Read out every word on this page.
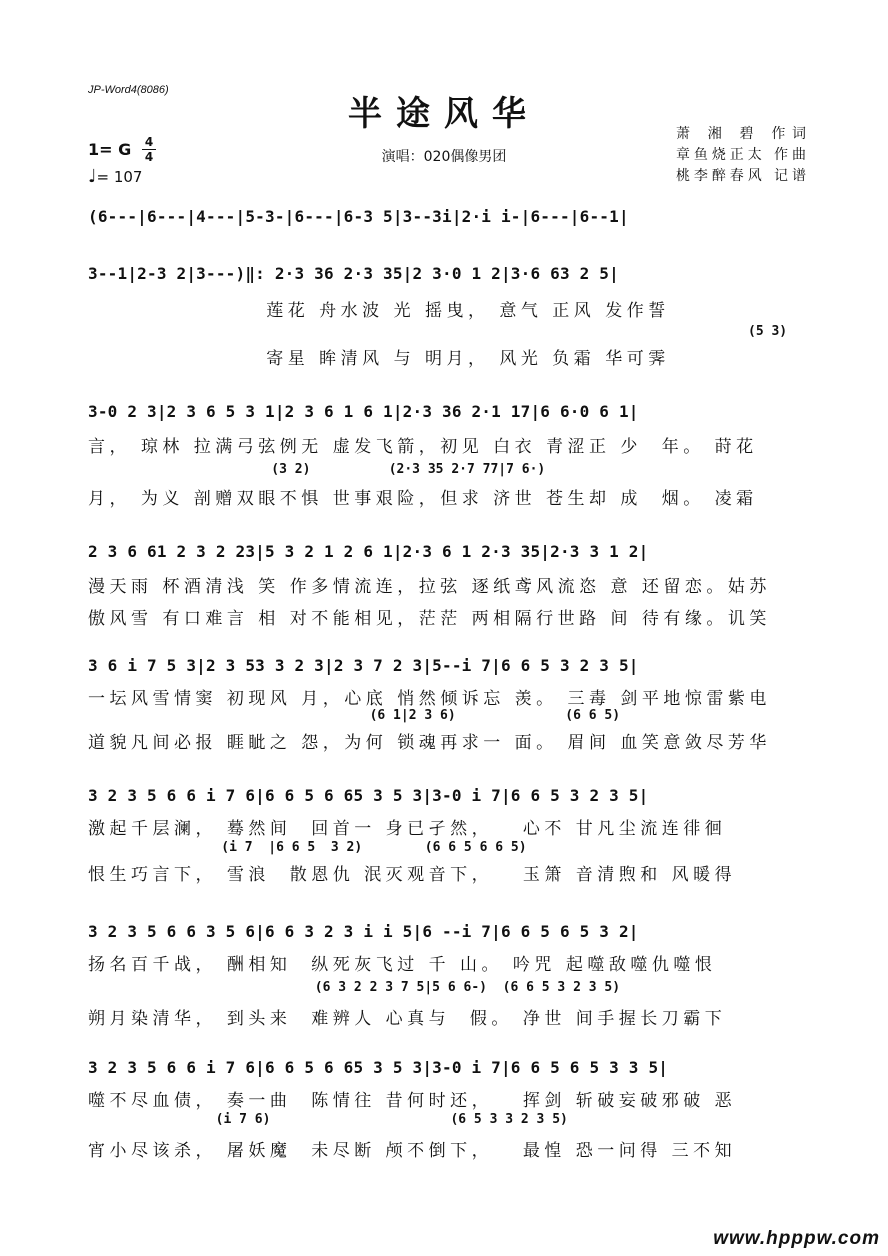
JP-Word4(8086)
半途风华
演唱：020偶像男团
萧 湘 碧 作词
章鱼烧正太 作曲
桃李醉春风 记谱
1= G 4
4
♩= 107
(6---|6---|4---|5-3-|6---|6-3 5|3--3i|2·i i-|6---|6--1|
3--1|2-3 2|3---)‖: 2·3 36 2·3 35|2 3·0 1 2|3·6 63 2 5|
莲花 舟水波 光 摇曳， 意气 正风 发作誓
(5 3)
寄星 眸清风 与 明月， 风光 负霜 华可霁
3-0 2 3|2 3 6 5 3 1|2 3 6 1 6 1|2·3 36 2·1 17|6 6·0 6 1|
言， 琼林 拉满弓弦例无 虚发飞箭，初见 白衣 青涩正 少  年。 莳花
(3 2)          (2·3 35 2·7 77|7 6·)
月， 为义 剖赠双眼不惧 世事艰险，但求 济世 苍生却 成  烟。 凌霜
2 3 6 61 2 3 2 23|5 3 2 1 2 6 1|2·3 6 1 2·3 35|2·3 3 1 2|
漫天雨 杯酒清浅 笑 作多情流连，拉弦 逐纸鸢风流恣 意 还留恋。姑苏
傲风雪 有口难言 相 对不能相见，茫茫 两相隔行世路 间 待有缘。讥笑
3 6 i 7 5 3|2 3 53 3 2 3|2 3 7 2 3|5--i 7|6 6 5 3 2 3 5|
一坛风雪情窦 初现风 月，心底 悄然倾诉忘 羡。 三毒 剑平地惊雷紫电
(6 1|2 3 6)              (6 6 5)
道貌凡间必报 睚眦之 怨，为何 锁魂再求一 面。 眉间 血笑意敛尽芳华
3 2 3 5 6 6 i 7 6|6 6 5 6 65 3 5 3|3-0 i 7|6 6 5 3 2 3 5|
激起千层澜， 蓦然间  回首一 身已孑然，   心不 甘凡尘流连徘徊
(i 7  |6 6 5  3 2)        (6 6 5 6 6 5)
恨生巧言下， 雪浪  散恩仇 泯灭观音下，   玉箫 音清煦和 风暖得
3 2 3 5 6 6 3 5 6|6 6 3 2 3 i i 5|6 --i 7|6 6 5 6 5 3 2|
扬名百千战， 酬相知  纵死灰飞过 千 山。 吟咒 起噬敌噬仇噬恨
(6 3 2 2 3 7 5|5 6 6-)  (6 6 5 3 2 3 5)
朔月染清华， 到头来  难辨人 心真与  假。 净世 间手握长刀霸下
3 2 3 5 6 6 i 7 6|6 6 5 6 65 3 5 3|3-0 i 7|6 6 5 6 5 3 3 5|
噬不尽血债， 奏一曲  陈情往 昔何时还，   挥剑 斩破妄破邪破 恶
(i 7 6)                       (6 5 3 3 2 3 5)
宵小尽该杀， 屠妖魔  未尽断 颅不倒下，   最惶 恐一问得 三不知
www.hpppw.com
